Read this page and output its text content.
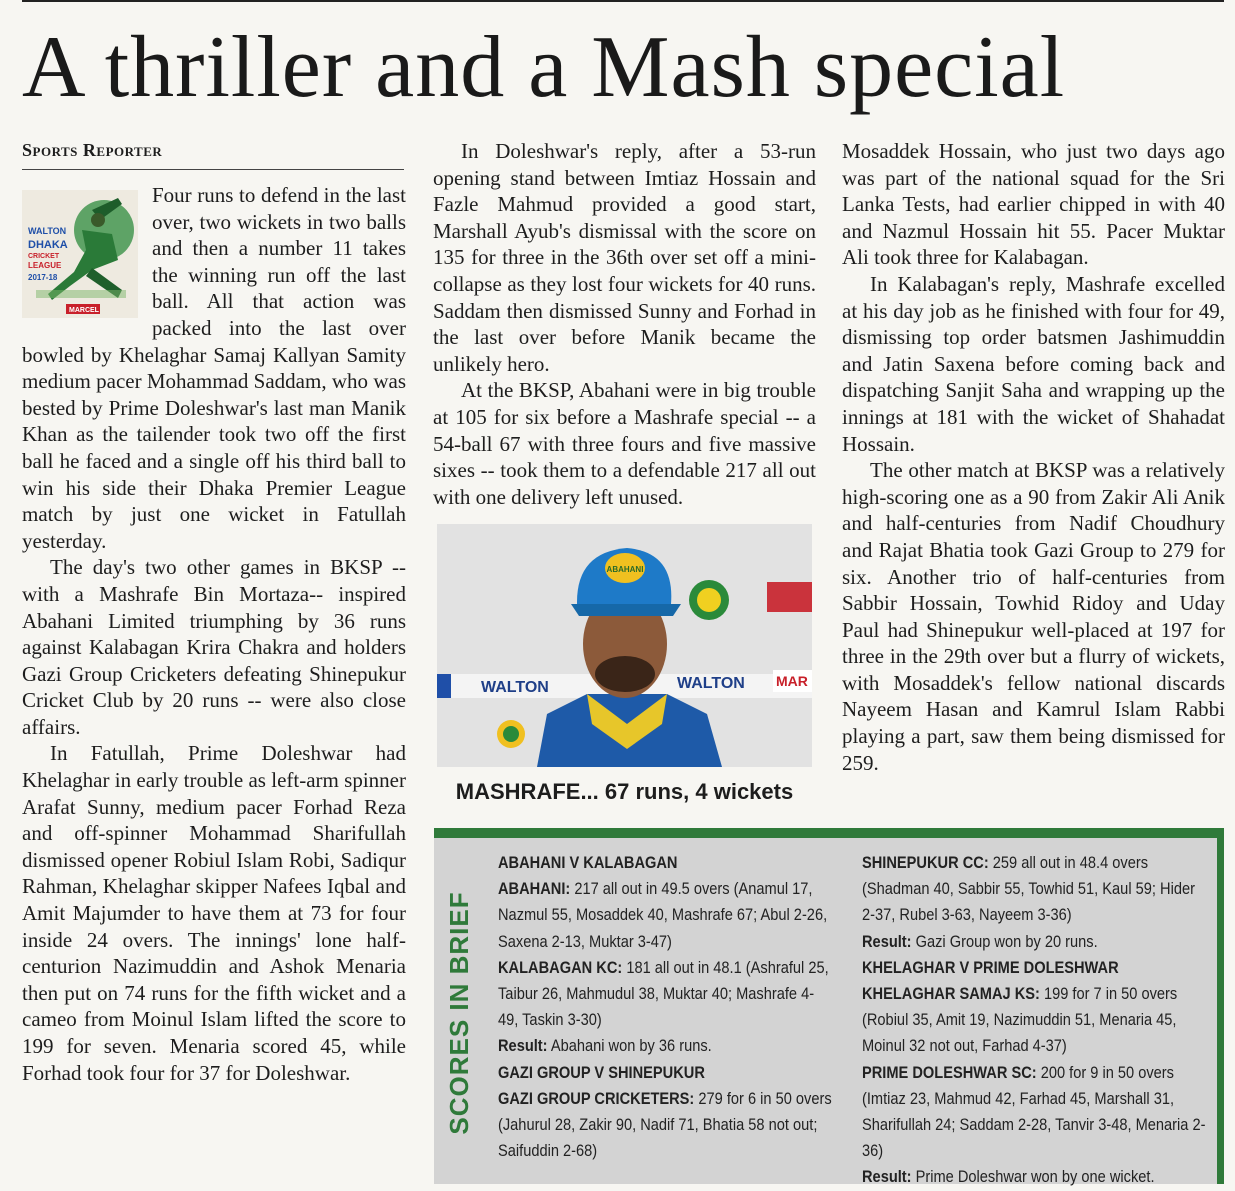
A thriller and a Mash special
Sports Reporter
WALTON
DHAKA
CRICKET
LEAGUE
2017-18
MARCEL

Four runs to defend in the last over, two wickets in two balls and then a number 11 takes the winning run off the last ball. All that action was packed into the last over bowled by Khelaghar Samaj Kallyan Samity medium pacer Mohammad Saddam, who was bested by Prime Doleshwar's last man Manik Khan as the tailender took two off the first ball he faced and a single off his third ball to win his side their Dhaka Premier League match by just one wicket in Fatullah yesterday.

The day's two other games in BKSP -- with a Mashrafe Bin Mortaza-- inspired Abahani Limited triumphing by 36 runs against Kalabagan Krira Chakra and holders Gazi Group Cricketers defeating Shinepukur Cricket Club by 20 runs -- were also close affairs.

In Fatullah, Prime Doleshwar had Khelaghar in early trouble as left-arm spinner Arafat Sunny, medium pacer Forhad Reza and off-spinner Mohammad Sharifullah dismissed opener Robiul Islam Robi, Sadiqur Rahman, Khelaghar skipper Nafees Iqbal and Amit Majumder to have them at 73 for four inside 24 overs. The innings' lone half-centurion Nazimuddin and Ashok Menaria then put on 74 runs for the fifth wicket and a cameo from Moinul Islam lifted the score to 199 for seven. Menaria scored 45, while Forhad took four for 37 for Doleshwar.

In Doleshwar's reply, after a 53-run opening stand between Imtiaz Hossain and Fazle Mahmud provided a good start, Marshall Ayub's dismissal with the score on 135 for three in the 36th over set off a mini-collapse as they lost four wickets for 40 runs. Saddam then dismissed Sunny and Forhad in the last over before Manik became the unlikely hero.

At the BKSP, Abahani were in big trouble at 105 for six before a Mashrafe special -- a 54-ball 67 with three fours and five massive sixes -- took them to a defendable 217 all out with one delivery left unused.

WALTON	WALTON MAR
ABAHANI
MASHRAFE... 67 runs, 4 wickets

Mosaddek Hossain, who just two days ago was part of the national squad for the Sri Lanka Tests, had earlier chipped in with 40 and Nazmul Hossain hit 55. Pacer Muktar Ali took three for Kalabagan.

In Kalabagan's reply, Mashrafe excelled at his day job as he finished with four for 49, dismissing top order batsmen Jashimuddin and Jatin Saxena before coming back and dispatching Sanjit Saha and wrapping up the innings at 181 with the wicket of Shahadat Hossain.

The other match at BKSP was a relatively high-scoring one as a 90 from Zakir Ali Anik and half-centuries from Nadif Choudhury and Rajat Bhatia took Gazi Group to 279 for six. Another trio of half-centuries from Sabbir Hossain, Towhid Ridoy and Uday Paul had Shinepukur well-placed at 197 for three in the 29th over but a flurry of wickets, with Mosaddek's fellow national discards Nayeem Hasan and Kamrul Islam Rabbi playing a part, saw them being dismissed for 259.

SCORES IN BRIEF

ABAHANI V KALABAGAN

ABAHANI: 217 all out in 49.5 overs (Anamul 17, Nazmul 55, Mosaddek 40, Mashrafe 67; Abul 2-26, Saxena 2-13, Muktar 3-47)

KALABAGAN KC: 181 all out in 48.1 (Ashraful 25, Taibur 26, Mahmudul 38, Muktar 40; Mashrafe 4-49, Taskin 3-30)

Result: Abahani won by 36 runs.

GAZI GROUP V SHINEPUKUR

GAZI GROUP CRICKETERS: 279 for 6 in 50 overs (Jahurul 28, Zakir 90, Nadif 71, Bhatia 58 not out; Saifuddin 2-68)

SHINEPUKUR CC: 259 all out in 48.4 overs (Shadman 40, Sabbir 55, Towhid 51, Kaul 59; Hider 2-37, Rubel 3-63, Nayeem 3-36)

Result: Gazi Group won by 20 runs.

KHELAGHAR V PRIME DOLESHWAR

KHELAGHAR SAMAJ KS: 199 for 7 in 50 overs (Robiul 35, Amit 19, Nazimuddin 51, Menaria 45, Moinul 32 not out, Farhad 4-37)

PRIME DOLESHWAR SC: 200 for 9 in 50 overs (Imtiaz 23, Mahmud 42, Farhad 45, Marshall 31, Sharifullah 24; Saddam 2-28, Tanvir 3-48, Menaria 2-36)

Result: Prime Doleshwar won by one wicket.
